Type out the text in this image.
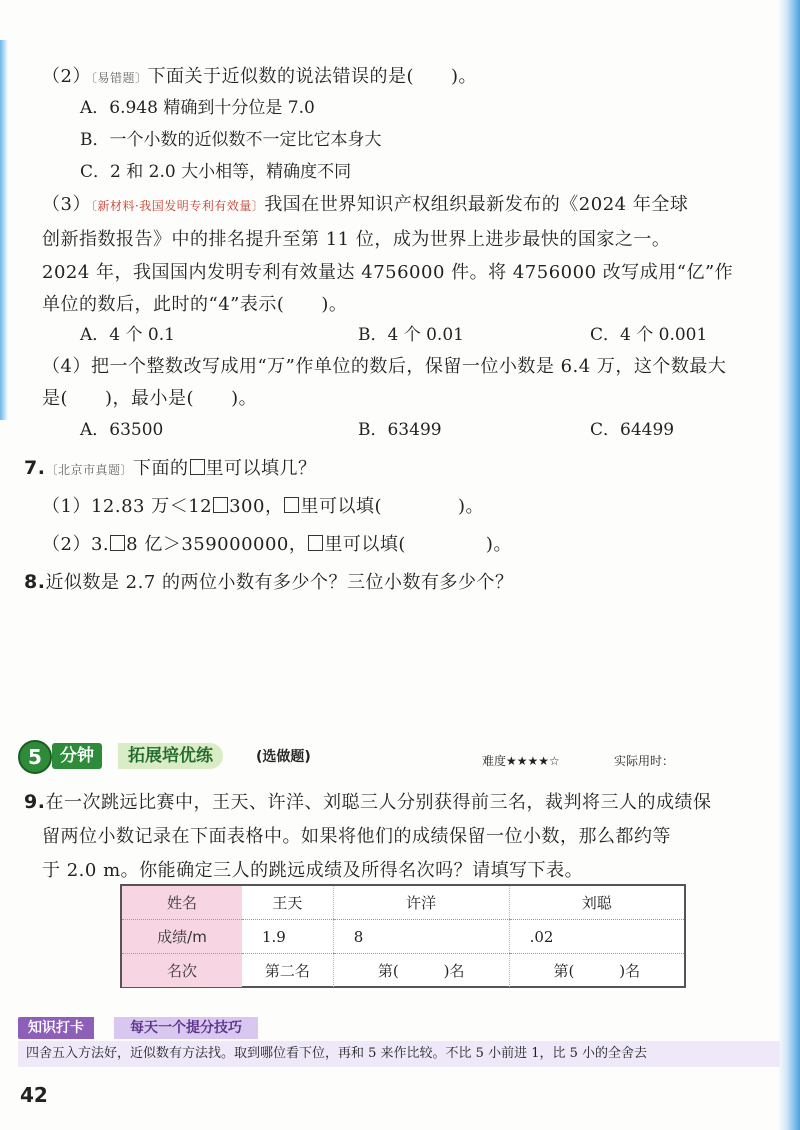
（2）〔易错题〕下面关于近似数的说法错误的是(　　)。
A．6.948 精确到十分位是 7.0
B．一个小数的近似数不一定比它本身大
C．2 和 2.0 大小相等，精确度不同
（3）〔新材料·我国发明专利有效量〕我国在世界知识产权组织最新发布的《2024 年全球
创新指数报告》中的排名提升至第 11 位，成为世界上进步最快的国家之一。
2024 年，我国国内发明专利有效量达 4756000 件。将 4756000 改写成用“亿”作
单位的数后，此时的“4”表示(　　)。
A．4 个 0.1	B．4 个 0.01	C．4 个 0.001
（4）把一个整数改写成用“万”作单位的数后，保留一位小数是 6.4 万，这个数最大
是(　　)，最小是(　　)。
A．63500	B．63499	C．64499
7.〔北京市真题〕下面的 里可以填几？
（1）12.83 万＜12 300， 里可以填(	)。
（2）3. 8 亿＞359000000， 里可以填(	)。
8.近似数是 2.7 的两位小数有多少个？三位小数有多少个？
5	分钟	拓展培优练	(选做题)	难度★★★★☆	实际用时：
9.在一次跳远比赛中，王天、许洋、刘聪三人分别获得前三名，裁判将三人的成绩保
留两位小数记录在下面表格中。如果将他们的成绩保留一位小数，那么都约等
于 2.0 m。你能确定三人的跳远成绩及所得名次吗？请填写下表。
姓名	王天	许洋	刘聪
成绩/m	1.9	8	.02
名次	第二名	第(　　　)名	第(　　　)名
知识打卡	每天一个提分技巧
四舍五入方法好，近似数有方法找。取到哪位看下位，再和 5 来作比较。不比 5 小前进 1，比 5 小的全舍去
42
